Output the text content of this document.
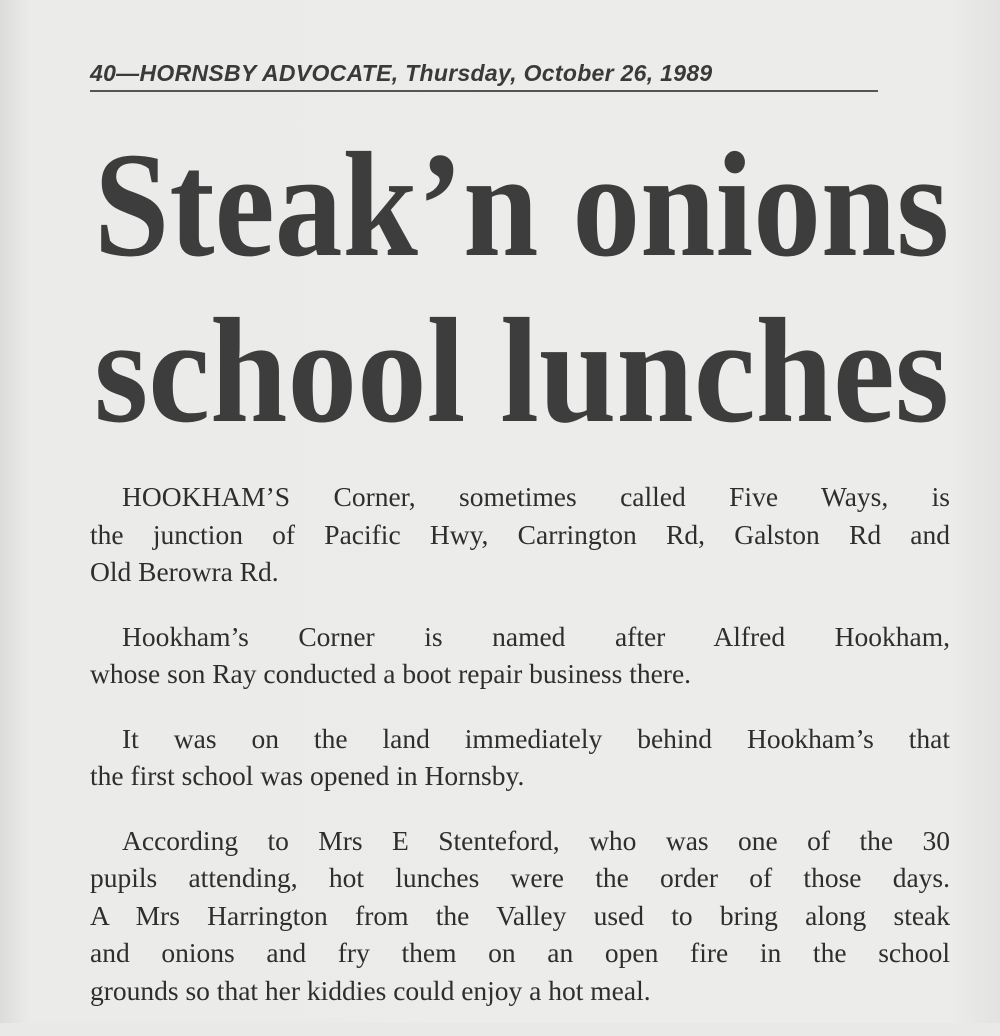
40—HORNSBY ADVOCATE, Thursday, October 26, 1989
Steak’n onions
school lunches
HOOKHAM’S Corner, sometimes called Five Ways, is
the junction of Pacific Hwy, Carrington Rd, Galston Rd and
Old Berowra Rd.
Hookham’s Corner is named after Alfred Hookham,
whose son Ray conducted a boot repair business there.
It was on the land immediately behind Hookham’s that
the first school was opened in Hornsby.
According to Mrs E Stenteford, who was one of the 30
pupils attending, hot lunches were the order of those days.
A Mrs Harrington from the Valley used to bring along steak
and onions and fry them on an open fire in the school
grounds so that her kiddies could enjoy a hot meal.
